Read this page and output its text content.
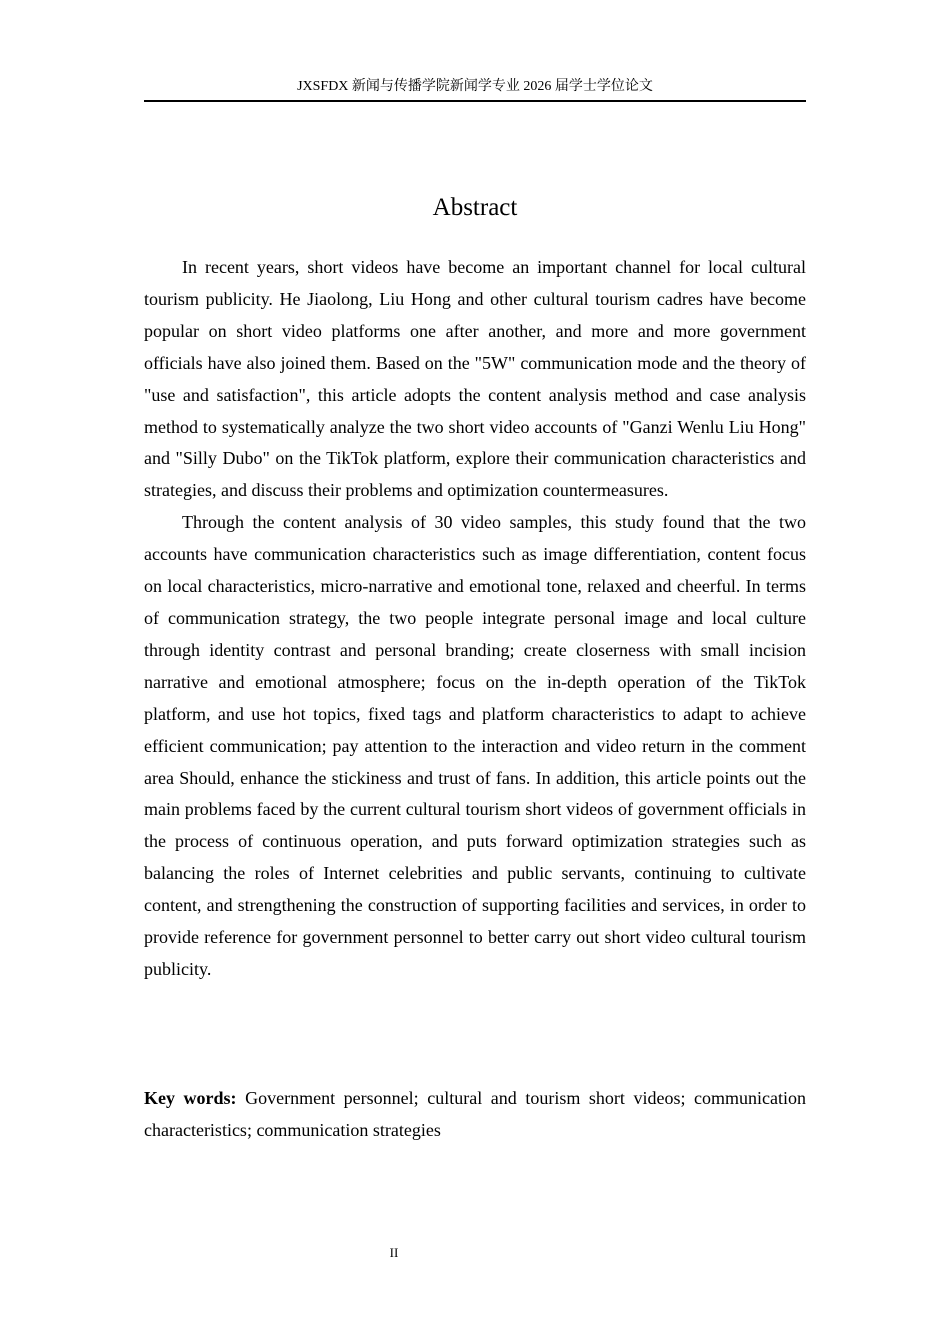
JXSFDX 新闻与传播学院新闻学专业 2026 届学士学位论文
Abstract

In recent years, short videos have become an important channel for local cultural tourism publicity. He Jiaolong, Liu Hong and other cultural tourism cadres have become popular on short video platforms one after another, and more and more government officials have also joined them. Based on the "5W" communication mode and the theory of "use and satisfaction", this article adopts the content analysis method and case analysis method to systematically analyze the two short video accounts of "Ganzi Wenlu Liu Hong" and "Silly Dubo" on the TikTok platform, explore their communication characteristics and strategies, and discuss their problems and optimization countermeasures.

Through the content analysis of 30 video samples, this study found that the two accounts have communication characteristics such as image differentiation, content focus on local characteristics, micro-narrative and emotional tone, relaxed and cheerful. In terms of communication strategy, the two people integrate personal image and local culture through identity contrast and personal branding; create closerness with small incision narrative and emotional atmosphere; focus on the in-depth operation of the TikTok platform, and use hot topics, fixed tags and platform characteristics to adapt to achieve efficient communication; pay attention to the interaction and video return in the comment area Should, enhance the stickiness and trust of fans. In addition, this article points out the main problems faced by the current cultural tourism short videos of government officials in the process of continuous operation, and puts forward optimization strategies such as balancing the roles of Internet celebrities and public servants, continuing to cultivate content, and strengthening the construction of supporting facilities and services, in order to provide reference for government personnel to better carry out short video cultural tourism publicity.

Key words: Government personnel; cultural and tourism short videos; communication characteristics; communication strategies

II
